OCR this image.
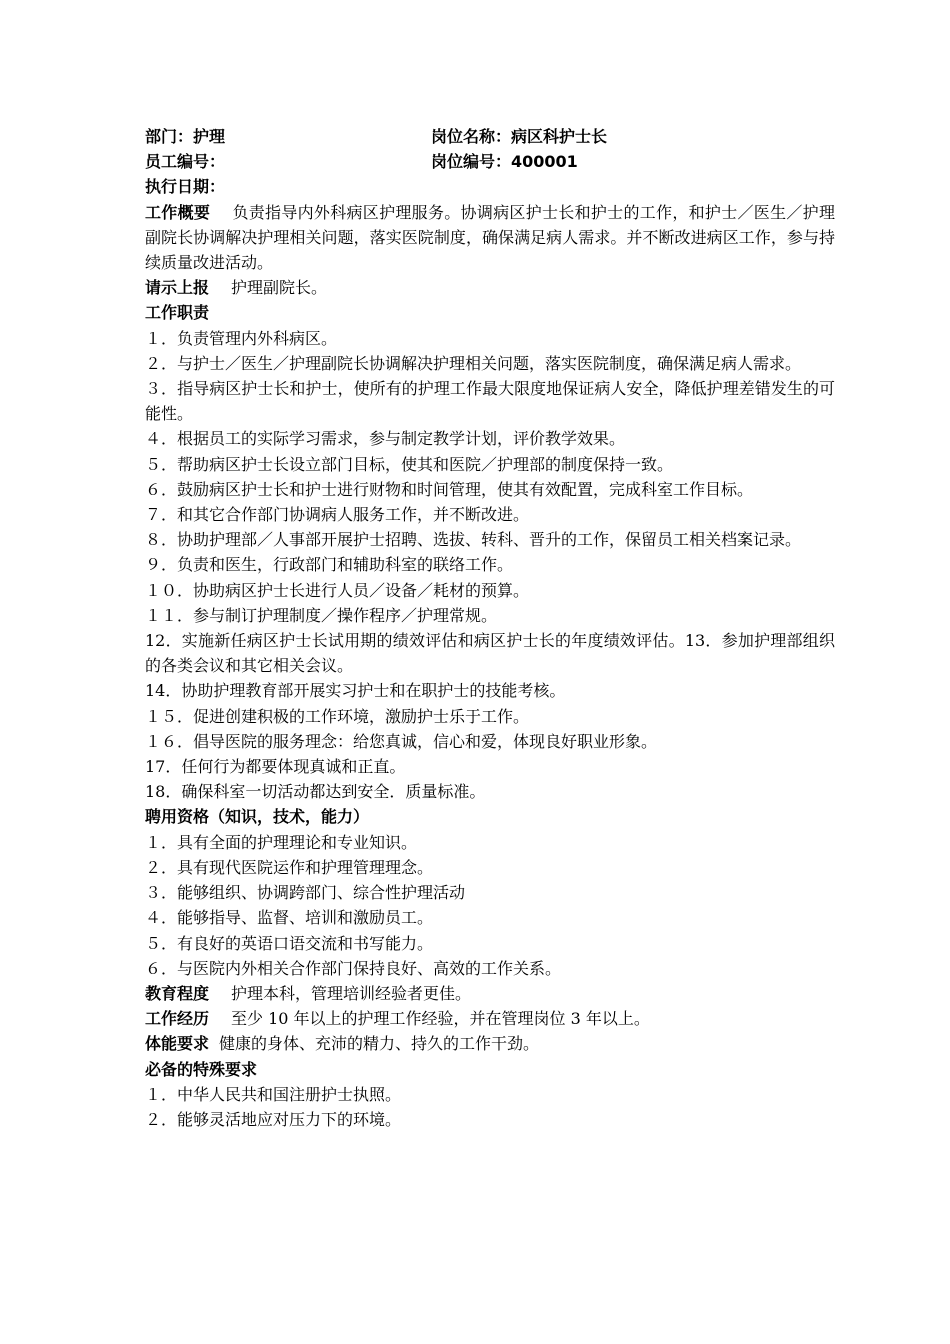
部门：护理	岗位名称：病区科护士长
员工编号：	岗位编号：400001
执行日期：

工作概要 负责指导内外科病区护理服务。协调病区护士长和护士的工作，和护士／医生／护理副院长协调解决护理相关问题，落实医院制度，确保满足病人需求。并不断改进病区工作，参与持续质量改进活动。

请示上报 护理副院长。

工作职责

１．负责管理内外科病区。

２．与护士／医生／护理副院长协调解决护理相关问题，落实医院制度，确保满足病人需求。

３．指导病区护士长和护士，使所有的护理工作最大限度地保证病人安全，降低护理差错发生的可能性。

４．根据员工的实际学习需求，参与制定教学计划，评价教学效果。

５．帮助病区护士长设立部门目标，使其和医院／护理部的制度保持一致。

６．鼓励病区护士长和护士进行财物和时间管理，使其有效配置，完成科室工作目标。

７．和其它合作部门协调病人服务工作，并不断改进。

８．协助护理部／人事部开展护士招聘、选拔、转科、晋升的工作，保留员工相关档案记录。

９．负责和医生，行政部门和辅助科室的联络工作。

１０．协助病区护士长进行人员／设备／耗材的预算。

１１．参与制订护理制度／操作程序／护理常规。

12．实施新任病区护士长试用期的绩效评估和病区护士长的年度绩效评估。13．参加护理部组织的各类会议和其它相关会议。

14．协助护理教育部开展实习护士和在职护士的技能考核。

１５．促进创建积极的工作环境，激励护士乐于工作。

１６．倡导医院的服务理念：给您真诚，信心和爱，体现良好职业形象。

17．任何行为都要体现真诚和正直。

18．确保科室一切活动都达到安全．质量标准。

聘用资格（知识，技术，能力）

１．具有全面的护理理论和专业知识。

２．具有现代医院运作和护理管理理念。

３．能够组织、协调跨部门、综合性护理活动

４．能够指导、监督、培训和激励员工。

５．有良好的英语口语交流和书写能力。

６．与医院内外相关合作部门保持良好、高效的工作关系。

教育程度 护理本科，管理培训经验者更佳。

工作经历 至少 10 年以上的护理工作经验，并在管理岗位 3 年以上。

体能要求 健康的身体、充沛的精力、持久的工作干劲。

必备的特殊要求

１．中华人民共和国注册护士执照。

２．能够灵活地应对压力下的环境。
